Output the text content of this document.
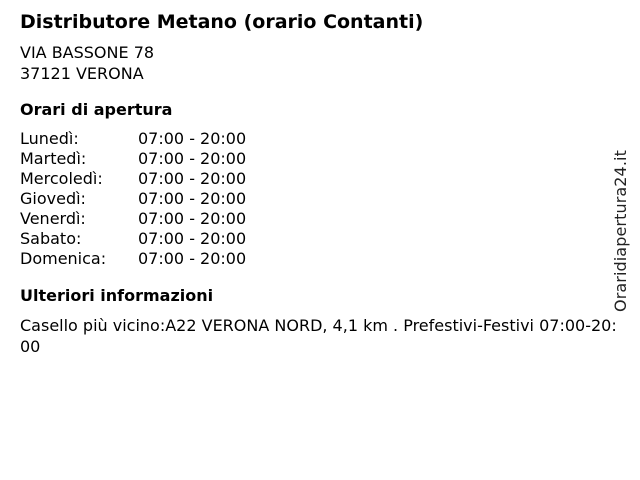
Distributore Metano (orario Contanti)
VIA BASSONE 78
37121 VERONA
Orari di apertura
Lunedì:	07:00 - 20:00
Martedì:	07:00 - 20:00
Mercoledì:	07:00 - 20:00
Giovedì:	07:00 - 20:00
Venerdì:	07:00 - 20:00
Sabato:	07:00 - 20:00
Domenica:	07:00 - 20:00
Ulteriori informazioni
Casello più vicino:A22 VERONA NORD, 4,1 km . Prefestivi-Festivi 07:00-20:00
Oraridiapertura24.it
